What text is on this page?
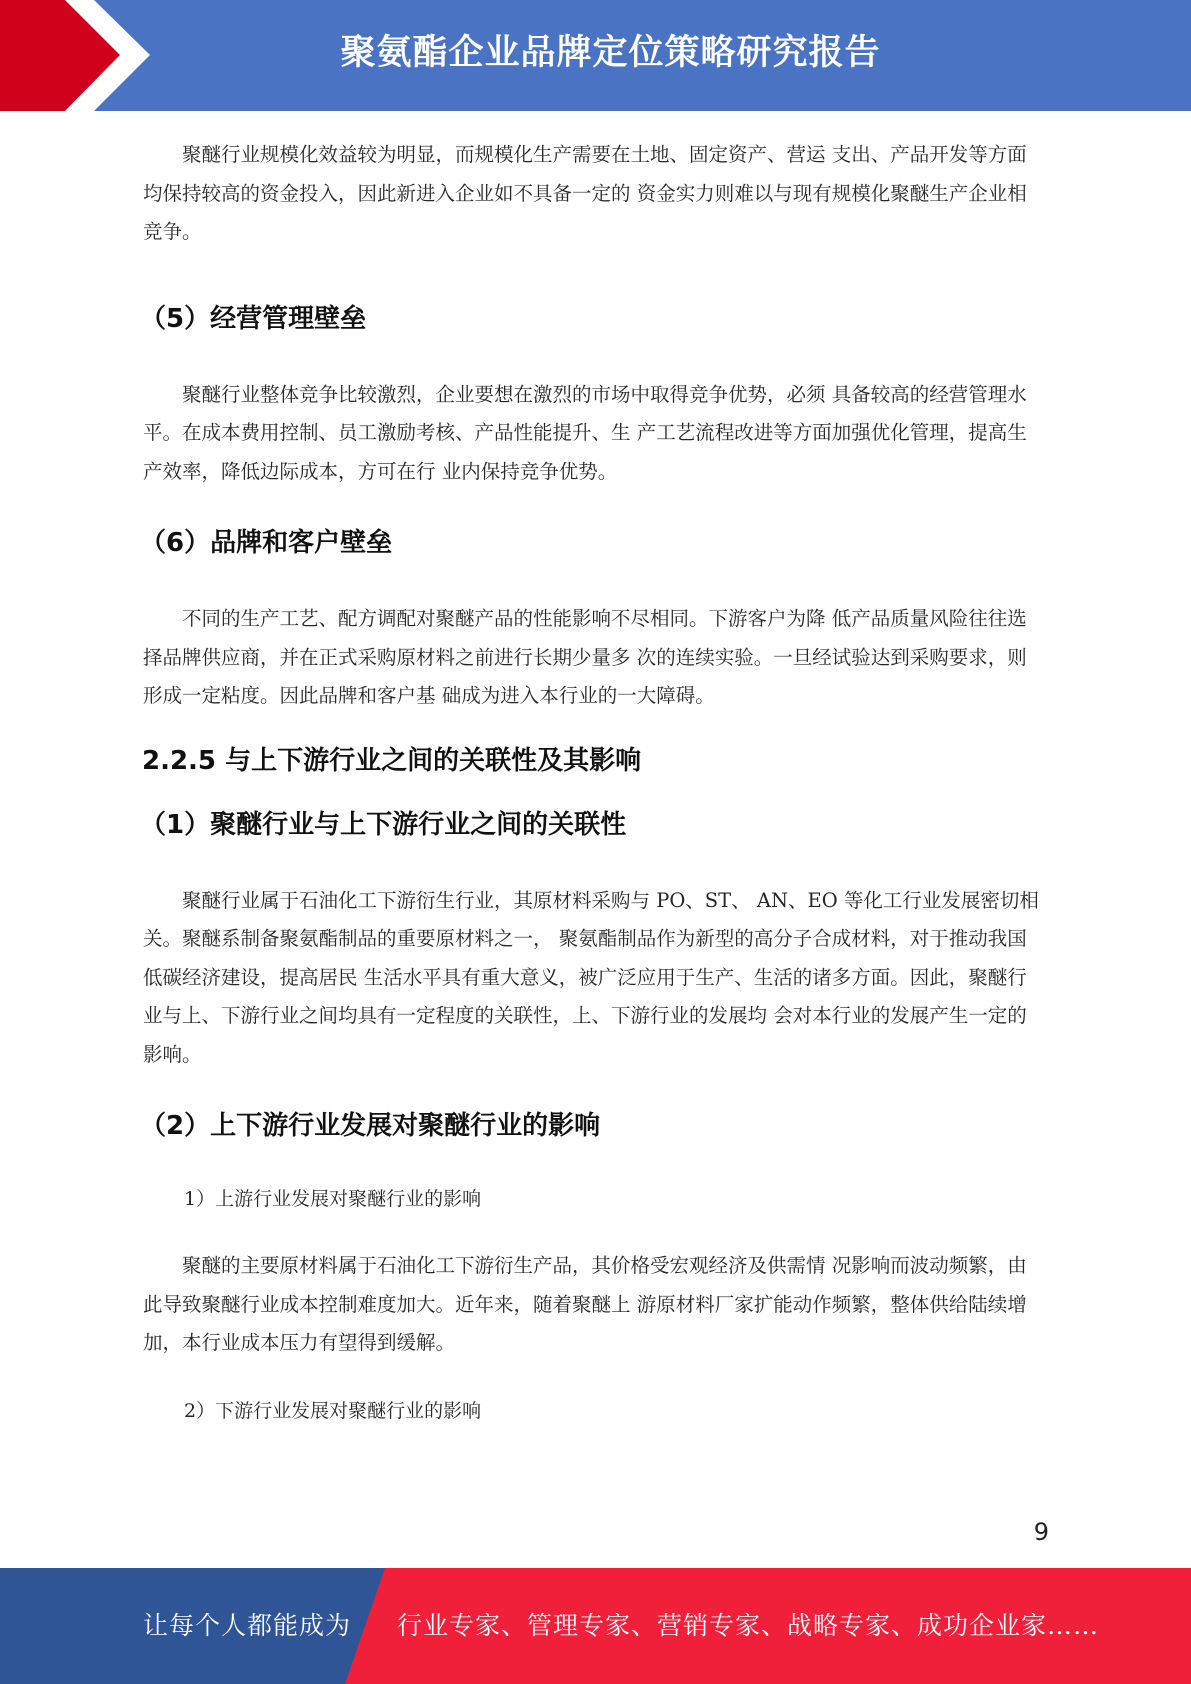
聚氨酯企业品牌定位策略研究报告

聚醚行业规模化效益较为明显，而规模化生产需要在土地、固定资产、营运 支出、产品开发等方面均保持较高的资金投入，因此新进入企业如不具备一定的 资金实力则难以与现有规模化聚醚生产企业相竞争。

（5）经营管理壁垒

聚醚行业整体竞争比较激烈，企业要想在激烈的市场中取得竞争优势，必须 具备较高的经营管理水平。在成本费用控制、员工激励考核、产品性能提升、生 产工艺流程改进等方面加强优化管理，提高生产效率，降低边际成本，方可在行 业内保持竞争优势。

（6）品牌和客户壁垒

不同的生产工艺、配方调配对聚醚产品的性能影响不尽相同。下游客户为降 低产品质量风险往往选择品牌供应商，并在正式采购原材料之前进行长期少量多 次的连续实验。一旦经试验达到采购要求，则形成一定粘度。因此品牌和客户基 础成为进入本行业的一大障碍。

2.2.5 与上下游行业之间的关联性及其影响
（1）聚醚行业与上下游行业之间的关联性

聚醚行业属于石油化工下游衍生行业，其原材料采购与 PO、ST、 AN、EO 等化工行业发展密切相关。聚醚系制备聚氨酯制品的重要原材料之一， 聚氨酯制品作为新型的高分子合成材料，对于推动我国低碳经济建设，提高居民 生活水平具有重大意义，被广泛应用于生产、生活的诸多方面。因此，聚醚行业与上、下游行业之间均具有一定程度的关联性，上、下游行业的发展均 会对本行业的发展产生一定的影响。

（2）上下游行业发展对聚醚行业的影响

1）上游行业发展对聚醚行业的影响

聚醚的主要原材料属于石油化工下游衍生产品，其价格受宏观经济及供需情 况影响而波动频繁，由此导致聚醚行业成本控制难度加大。近年来，随着聚醚上 游原材料厂家扩能动作频繁，整体供给陆续增加，本行业成本压力有望得到缓解。

2）下游行业发展对聚醚行业的影响

9
让每个人都能成为 行业专家、管理专家、营销专家、战略专家、成功企业家……
